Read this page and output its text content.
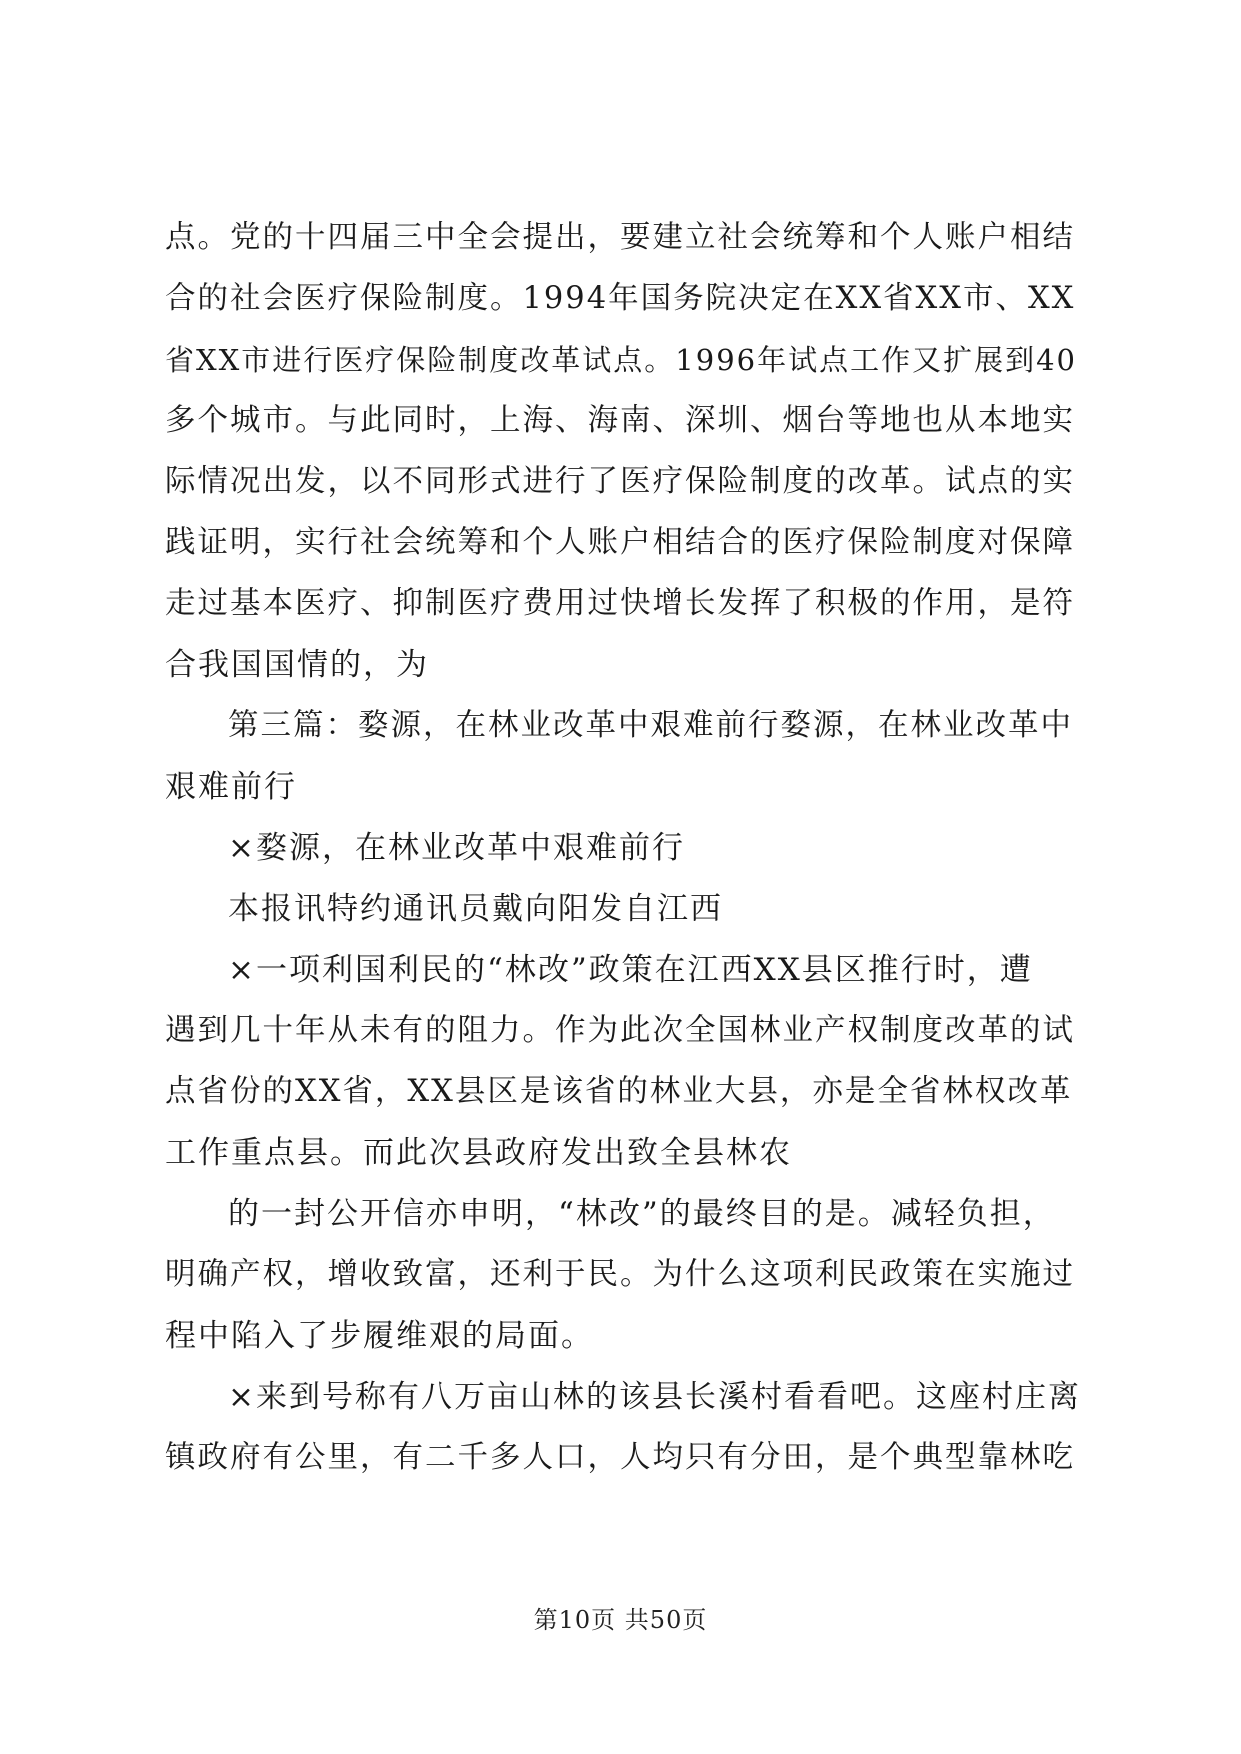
点。党的十四届三中全会提出，要建立社会统筹和个人账户相结

合的社会医疗保险制度。1994年国务院决定在XX省XX市、XX

省XX市进行医疗保险制度改革试点。1996年试点工作又扩展到40

多个城市。与此同时，上海、海南、深圳、烟台等地也从本地实

际情况出发，以不同形式进行了医疗保险制度的改革。试点的实

践证明，实行社会统筹和个人账户相结合的医疗保险制度对保障

走过基本医疗、抑制医疗费用过快增长发挥了积极的作用，是符

合我国国情的，为

第三篇：婺源，在林业改革中艰难前行婺源，在林业改革中

艰难前行

×婺源，在林业改革中艰难前行

本报讯特约通讯员戴向阳发自江西

×一项利国利民的“林改”政策在江西XX县区推行时，遭

遇到几十年从未有的阻力。作为此次全国林业产权制度改革的试

点省份的XX省，XX县区是该省的林业大县，亦是全省林权改革

工作重点县。而此次县政府发出致全县林农

的一封公开信亦申明，“林改”的最终目的是。减轻负担，

明确产权，增收致富，还利于民。为什么这项利民政策在实施过

程中陷入了步履维艰的局面。

×来到号称有八万亩山林的该县长溪村看看吧。这座村庄离

镇政府有公里，有二千多人口，人均只有分田，是个典型靠林吃

第10页 共50页
